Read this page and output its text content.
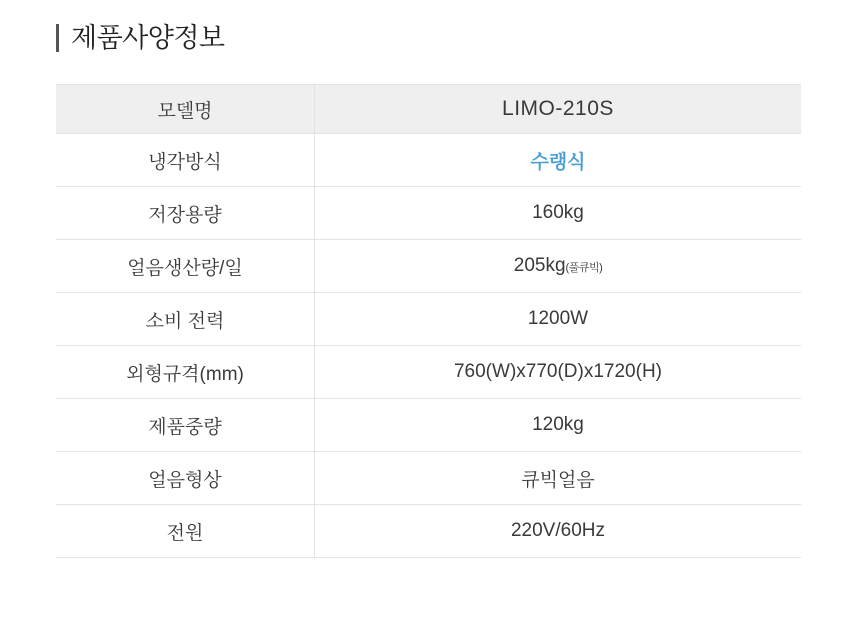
제품사양정보
모델명	LIMO-210S
냉각방식	수랭식
저장용량	160kg
얼음생산량/일	205kg(풀큐빅)
소비 전력	1200W
외형규격(mm)	760(W)x770(D)x1720(H)
제품중량	120kg
얼음형상	큐빅얼음
전원	220V/60Hz
